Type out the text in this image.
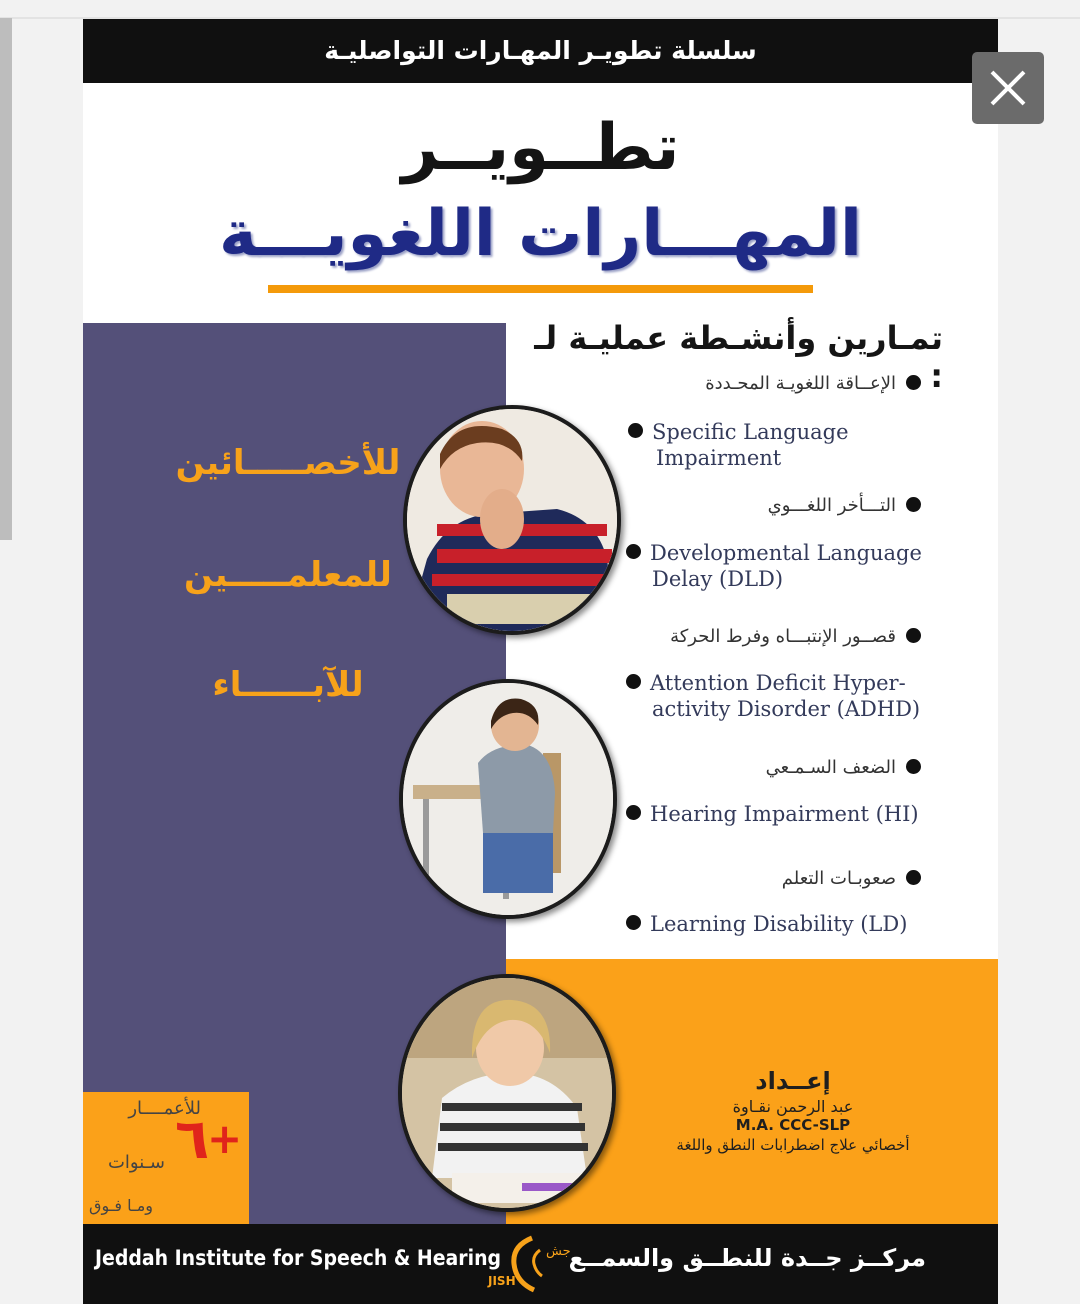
سلسلة تطويـر المهـارات التواصليـة
تطــويــر
المهـــارات اللغويـــة
للأخصـــــائين
للمعلمـــــين
للآبــــــاء
تمـارين وأنشـطة عمليـة لـ :
الإعــاقة اللغويـة المحـددة
Specific Language
Impairment
التـــأخر اللغـــوي
Developmental Language
Delay (DLD)
قصــور الإنتبـــاه وفرط الحركة
Attention Deficit Hyper-
activity Disorder (ADHD)
الضعف السـمـعي
Hearing Impairment (HI)
صعوبـات التعلم
Learning Disability (LD)
للأعمــــار
٦
+
سـنوات
ومـا فـوق
إعــداد
عبد الرحمن نقـاوة
M.A. CCC-SLP
أخصائي علاج اضطرابات النطق واللغة
Jeddah Institute for Speech & Hearing
JISH
جش
مركــز جــدة للنطــق والسمــع
